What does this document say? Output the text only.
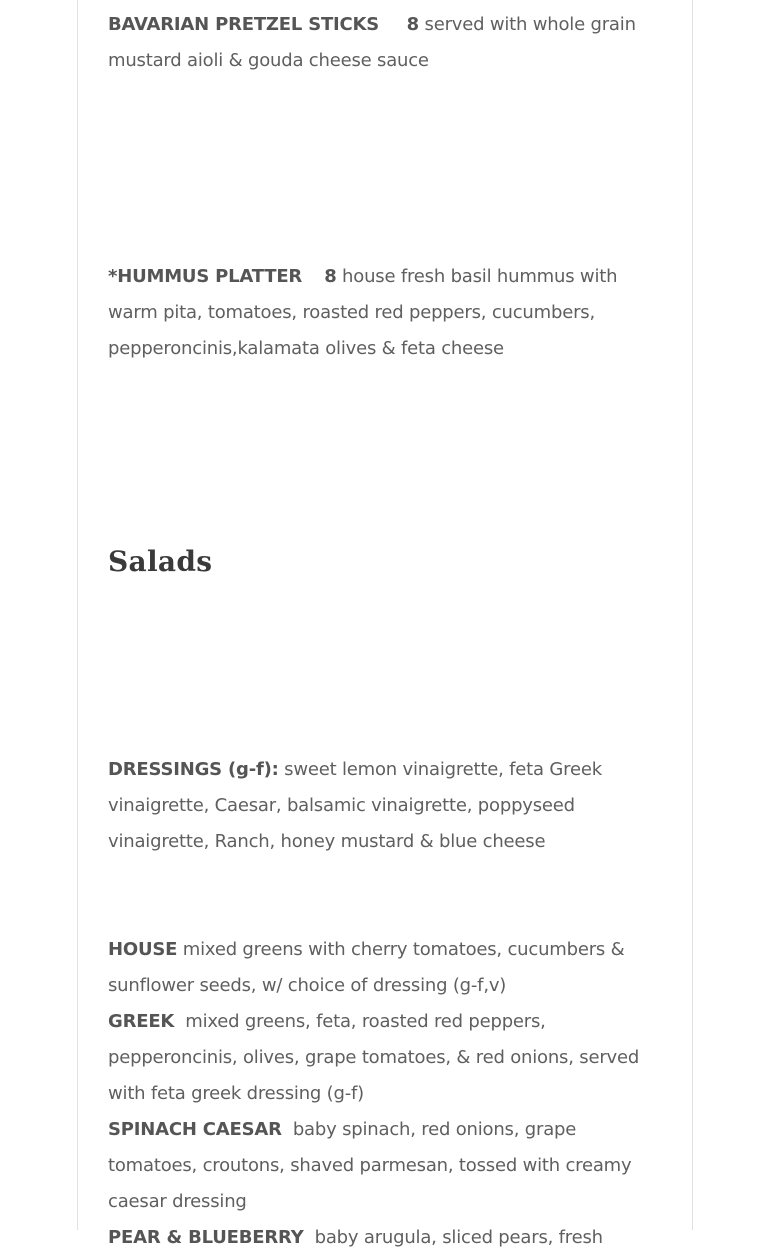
BAVARIAN PRETZEL STICKS 8 served with whole grain mustard aioli & gouda cheese sauce
*HUMMUS PLATTER 8 house fresh basil hummus with warm pita, tomatoes, roasted red peppers, cucumbers, pepperoncinis,kalamata olives & feta cheese
Salads
DRESSINGS (g-f): sweet lemon vinaigrette, feta Greek vinaigrette, Caesar, balsamic vinaigrette, poppyseed vinaigrette, Ranch, honey mustard & blue cheese
HOUSE mixed greens with cherry tomatoes, cucumbers & sunflower seeds, w/ choice of dressing (g-f,v)
GREEK mixed greens, feta, roasted red peppers, pepperoncinis, olives, grape tomatoes, & red onions, served with feta greek dressing (g-f)
SPINACH CAESAR baby spinach, red onions, grape tomatoes, croutons, shaved parmesan, tossed with creamy caesar dressing
PEAR & BLUEBERRY baby arugula, sliced pears, fresh
